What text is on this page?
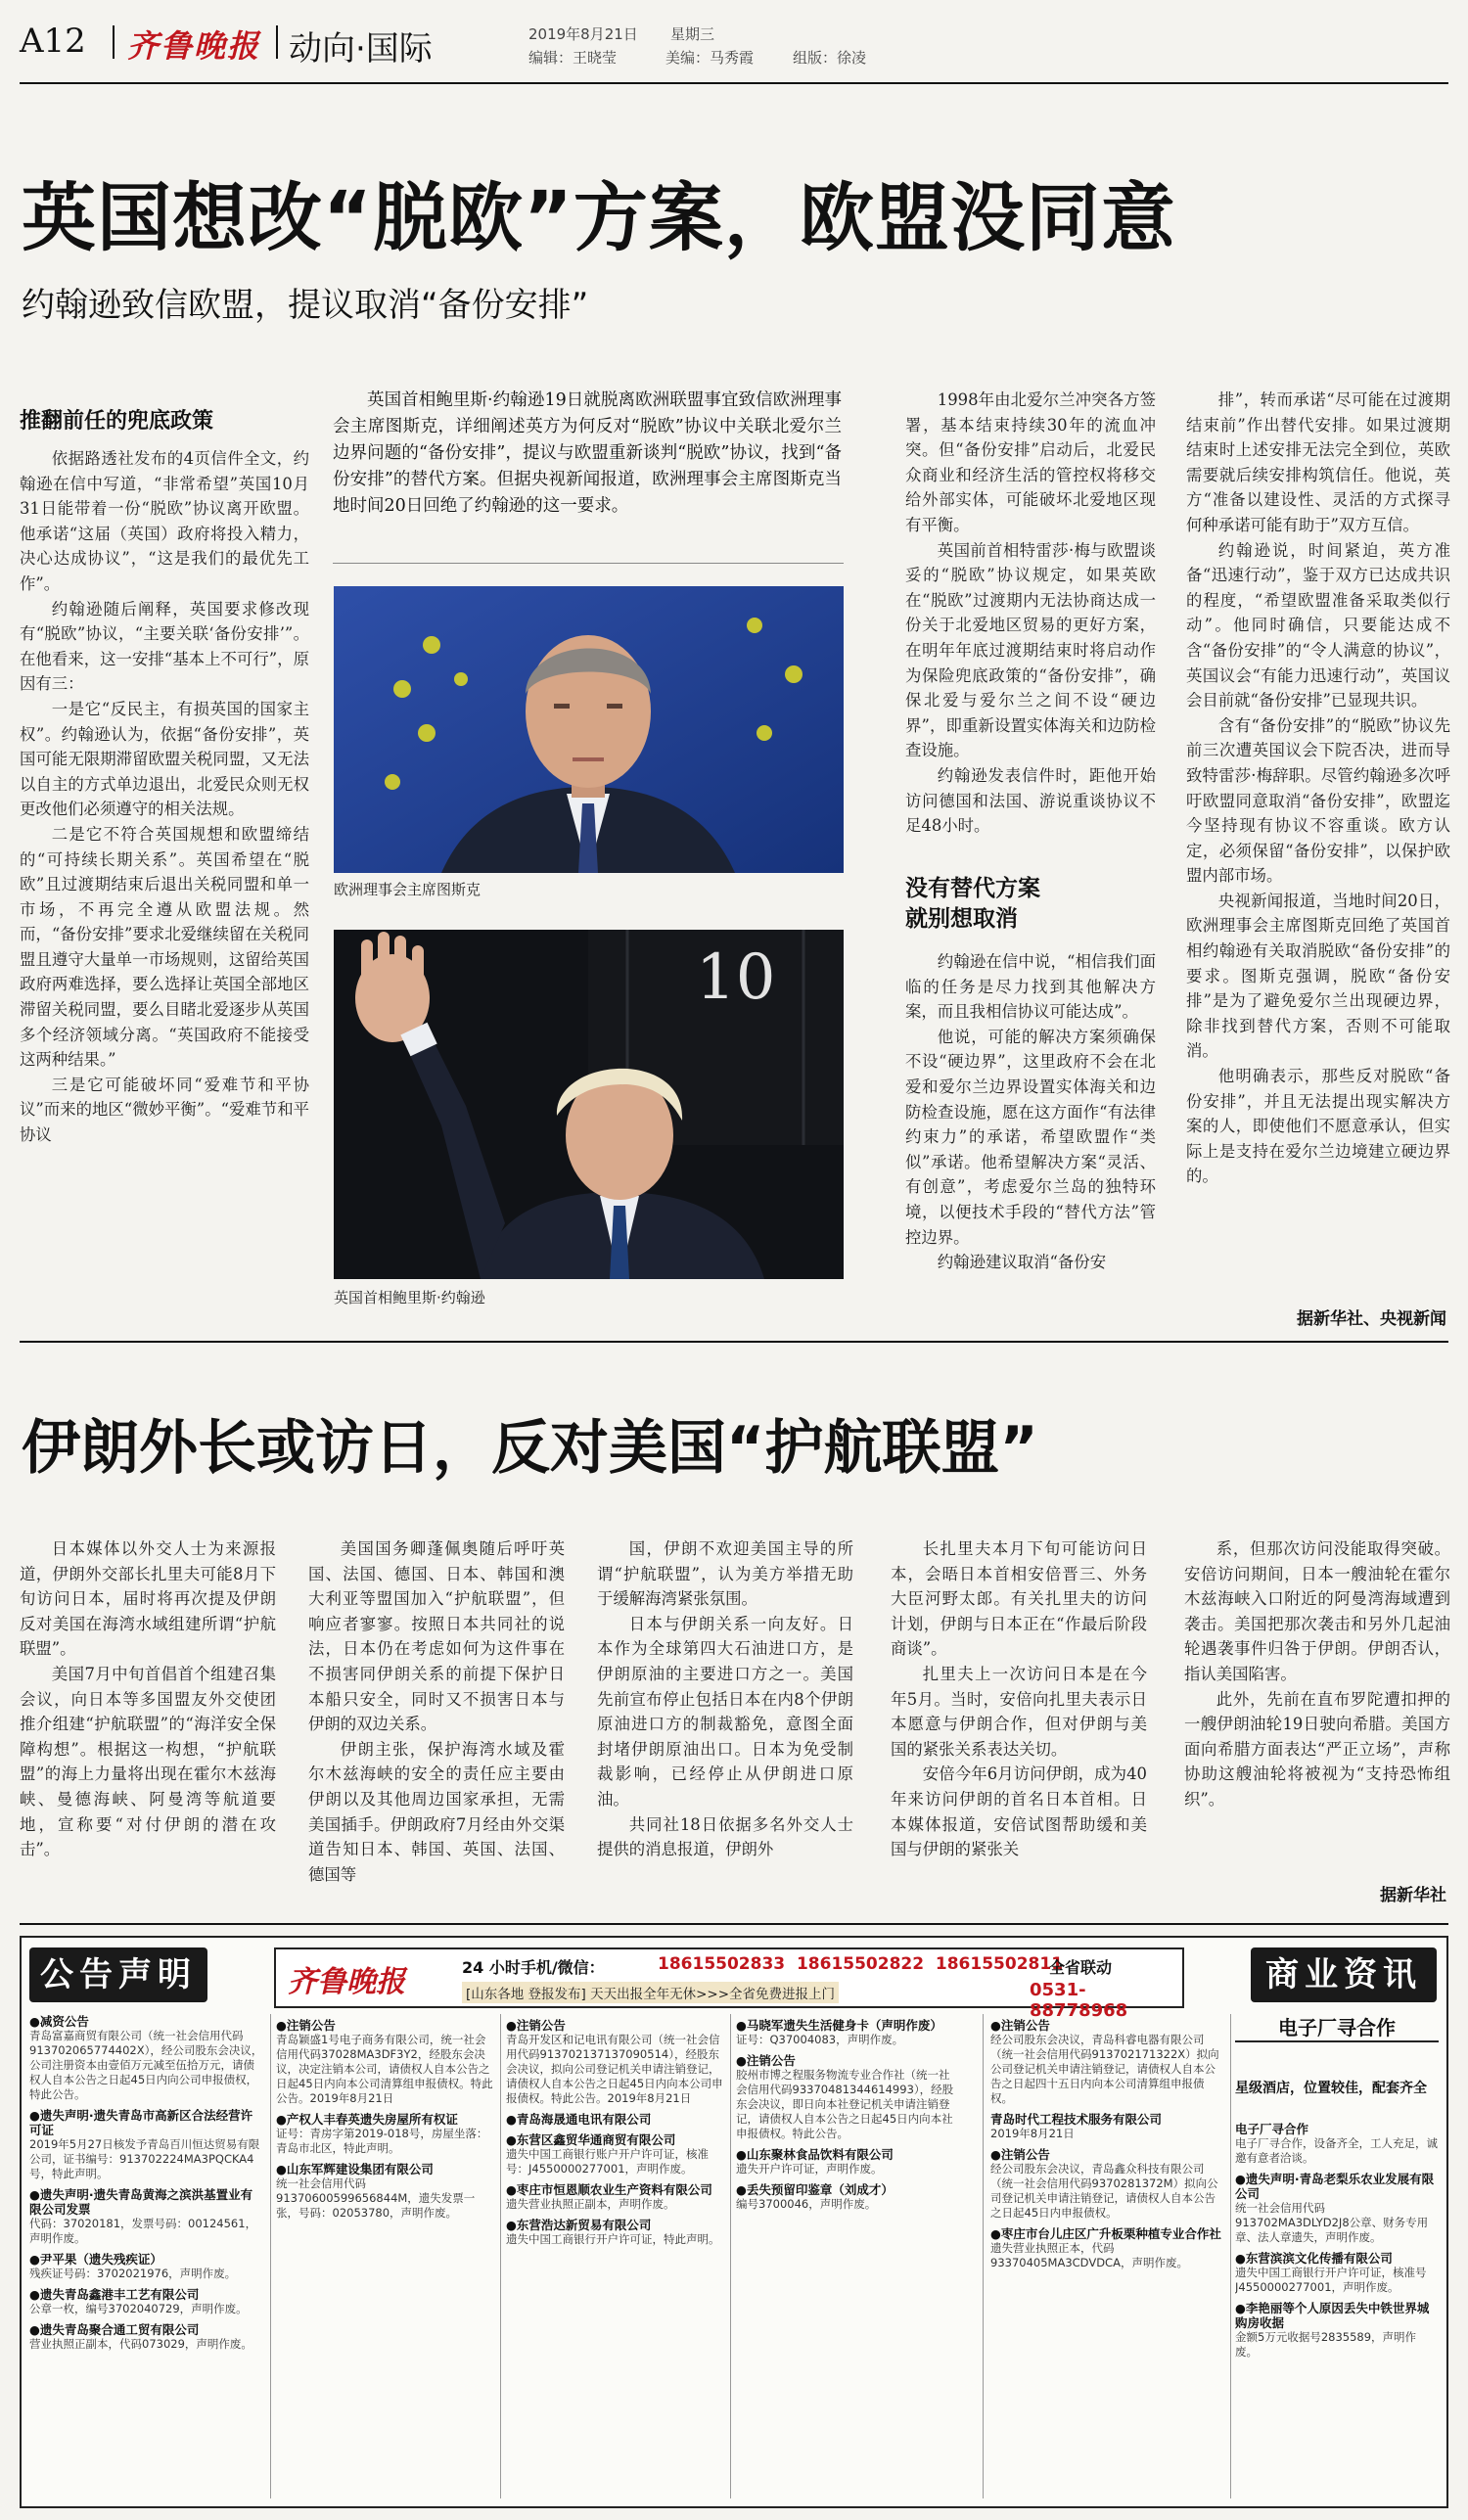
A12 齐鲁晚报 动向·国际	2019年8月21日 星期三
编辑：王晓莹	美编：马秀霞	组版：徐凌
英国想改“脱欧”方案，欧盟没同意
约翰逊致信欧盟，提议取消“备份安排”

推翻前任的兜底政策

依据路透社发布的4页信件全文，约翰逊在信中写道，“非常希望”英国10月31日能带着一份“脱欧”协议离开欧盟。他承诺“这届（英国）政府将投入精力，决心达成协议”，“这是我们的最优先工作”。

约翰逊随后阐释，英国要求修改现有“脱欧”协议，“主要关联‘备份安排’”。在他看来，这一安排“基本上不可行”，原因有三：

一是它“反民主，有损英国的国家主权”。约翰逊认为，依据“备份安排”，英国可能无限期滞留欧盟关税同盟，又无法以自主的方式单边退出，北爱民众则无权更改他们必须遵守的相关法规。

二是它不符合英国规想和欧盟缔结的“可持续长期关系”。英国希望在“脱欧”且过渡期结束后退出关税同盟和单一市场，不再完全遵从欧盟法规。然而，“备份安排”要求北爱继续留在关税同盟且遵守大量单一市场规则，这留给英国政府两难选择，要么选择让英国全部地区滞留关税同盟，要么目睹北爱逐步从英国多个经济领域分离。“英国政府不能接受这两种结果。”

三是它可能破坏同“爱难节和平协议”而来的地区“微妙平衡”。“爱难节和平协议

英国首相鲍里斯·约翰逊19日就脱离欧洲联盟事宜致信欧洲理事会主席图斯克，详细阐述英方为何反对“脱欧”协议中关联北爱尔兰边界问题的“备份安排”，提议与欧盟重新谈判“脱欧”协议，找到“备份安排”的替代方案。但据央视新闻报道，欧洲理事会主席图斯克当地时间20日回绝了约翰逊的这一要求。

欧洲理事会主席图斯克
10
英国首相鲍里斯·约翰逊

1998年由北爱尔兰冲突各方签署，基本结束持续30年的流血冲突。但“备份安排”启动后，北爱民众商业和经济生活的管控权将移交给外部实体，可能破坏北爱地区现有平衡。

英国前首相特雷莎·梅与欧盟谈妥的“脱欧”协议规定，如果英欧在“脱欧”过渡期内无法协商达成一份关于北爱地区贸易的更好方案，在明年年底过渡期结束时将启动作为保险兜底政策的“备份安排”，确保北爱与爱尔兰之间不设“硬边界”，即重新设置实体海关和边防检查设施。

约翰逊发表信件时，距他开始访问德国和法国、游说重谈协议不足48小时。

没有替代方案
就别想取消

约翰逊在信中说，“相信我们面临的任务是尽力找到其他解决方案，而且我相信协议可能达成”。

他说，可能的解决方案须确保不设“硬边界”，这里政府不会在北爱和爱尔兰边界设置实体海关和边防检查设施，愿在这方面作“有法律约束力”的承诺，希望欧盟作“类似”承诺。他希望解决方案“灵活、有创意”，考虑爱尔兰岛的独特环境，以便技术手段的“替代方法”管控边界。

约翰逊建议取消“备份安

排”，转而承诺“尽可能在过渡期结束前”作出替代安排。如果过渡期结束时上述安排无法完全到位，英欧需要就后续安排构筑信任。他说，英方“准备以建设性、灵活的方式探寻何种承诺可能有助于”双方互信。

约翰逊说，时间紧迫，英方准备“迅速行动”，鉴于双方已达成共识的程度，“希望欧盟准备采取类似行动”。他同时确信，只要能达成不含“备份安排”的“令人满意的协议”，英国议会“有能力迅速行动”，英国议会目前就“备份安排”已显现共识。

含有“备份安排”的“脱欧”协议先前三次遭英国议会下院否决，进而导致特雷莎·梅辞职。尽管约翰逊多次呼吁欧盟同意取消“备份安排”，欧盟迄今坚持现有协议不容重谈。欧方认定，必须保留“备份安排”，以保护欧盟内部市场。

央视新闻报道，当地时间20日，欧洲理事会主席图斯克回绝了英国首相约翰逊有关取消脱欧“备份安排”的要求。图斯克强调，脱欧“备份安排”是为了避免爱尔兰出现硬边界，除非找到替代方案，否则不可能取消。

他明确表示，那些反对脱欧“备份安排”，并且无法提出现实解决方案的人，即使他们不愿意承认，但实际上是支持在爱尔兰边境建立硬边界的。

据新华社、央视新闻
伊朗外长或访日，反对美国“护航联盟”

日本媒体以外交人士为来源报道，伊朗外交部长扎里夫可能8月下旬访问日本，届时将再次提及伊朗反对美国在海湾水域组建所谓“护航联盟”。

美国7月中旬首倡首个组建召集会议，向日本等多国盟友外交使团推介组建“护航联盟”的“海洋安全保障构想”。根据这一构想，“护航联盟”的海上力量将出现在霍尔木兹海峡、曼德海峡、阿曼湾等航道要地，宣称要“对付伊朗的潜在攻击”。

美国国务卿蓬佩奥随后呼吁英国、法国、德国、日本、韩国和澳大利亚等盟国加入“护航联盟”，但响应者寥寥。按照日本共同社的说法，日本仍在考虑如何为这件事在不损害同伊朗关系的前提下保护日本船只安全，同时又不损害日本与伊朗的双边关系。

伊朗主张，保护海湾水域及霍尔木兹海峡的安全的责任应主要由伊朗以及其他周边国家承担，无需美国插手。伊朗政府7月经由外交渠道告知日本、韩国、英国、法国、德国等

国，伊朗不欢迎美国主导的所谓“护航联盟”，认为美方举措无助于缓解海湾紧张氛围。

日本与伊朗关系一向友好。日本作为全球第四大石油进口方，是伊朗原油的主要进口方之一。美国先前宣布停止包括日本在内8个伊朗原油进口方的制裁豁免，意图全面封堵伊朗原油出口。日本为免受制裁影响，已经停止从伊朗进口原油。

共同社18日依据多名外交人士提供的消息报道，伊朗外

长扎里夫本月下旬可能访问日本，会晤日本首相安倍晋三、外务大臣河野太郎。有关扎里夫的访问计划，伊朗与日本正在“作最后阶段商谈”。

扎里夫上一次访问日本是在今年5月。当时，安倍向扎里夫表示日本愿意与伊朗合作，但对伊朗与美国的紧张关系表达关切。

安倍今年6月访问伊朗，成为40年来访问伊朗的首名日本首相。日本媒体报道，安倍试图帮助缓和美国与伊朗的紧张关

系，但那次访问没能取得突破。安倍访问期间，日本一艘油轮在霍尔木兹海峡入口附近的阿曼湾海域遭到袭击。美国把那次袭击和另外几起油轮遇袭事件归咎于伊朗。伊朗否认，指认美国陷害。

此外，先前在直布罗陀遭扣押的一艘伊朗油轮19日驶向希腊。美国方面向希腊方面表达“严正立场”，声称协助这艘油轮将被视为“支持恐怖组织”。

据新华社
公告声明	商业资讯
齐鲁晚报	24 小时手机/微信：	18615502833  18615502822  18615502811
[山东各地 登报发布] 天天出报全年无休>>>全省免费进报上门
全省联动
0531-88778968
●减资公告
青岛富嘉商贸有限公司（统一社会信用代码913702065774402X），经公司股东会决议，公司注册资本由壹佰万元减至伍拾万元，请债权人自本公告之日起45日内向公司申报债权，特此公告。
●遗失声明·遗失青岛市高新区合法经营许可证
2019年5月27日核发予青岛百川恒达贸易有限公司，证书编号：913702224MA3PQCKA4号，特此声明。
●遗失声明·遗失青岛黄海之滨洪基置业有限公司发票
代码：37020181，发票号码：00124561，声明作废。
●尹平果（遗失残疾证）
残疾证号码：3702021976，声明作废。
●遗失青岛鑫港丰工艺有限公司
公章一枚，编号3702040729，声明作废。
●遗失青岛聚合通工贸有限公司
营业执照正副本，代码073029，声明作废。
●注销公告
青岛颖盛1号电子商务有限公司，统一社会信用代码37028MA3DF3Y2，经股东会决议，决定注销本公司，请债权人自本公告之日起45日内向本公司清算组申报债权。特此公告。2019年8月21日
●产权人丰春英遗失房屋所有权证
证号：青房字第2019-018号，房屋坐落：青岛市北区，特此声明。
●山东军辉建设集团有限公司
统一社会信用代码91370600599656844M，遗失发票一张，号码：02053780，声明作废。
●注销公告
青岛开发区和记电讯有限公司（统一社会信用代码913702137137090514），经股东会决议，拟向公司登记机关申请注销登记，请债权人自本公告之日起45日内向本公司申报债权。特此公告。2019年8月21日
●青岛海晟通电讯有限公司
●东营区鑫贸华通商贸有限公司
遗失中国工商银行账户开户许可证，核准号：J4550000277001，声明作废。
●枣庄市恒恩顺农业生产资料有限公司
遗失营业执照正副本，声明作废。
●东营浩达新贸易有限公司
遗失中国工商银行开户许可证，特此声明。
●马晓军遗失生活健身卡（声明作废）
证号：Q37004083，声明作废。
●注销公告
胶州市博之程服务物流专业合作社（统一社会信用代码93370481344614993），经股东会决议，即日向本社登记机关申请注销登记，请债权人自本公告之日起45日内向本社申报债权。特此公告。
●山东聚林食品饮料有限公司
遗失开户许可证，声明作废。
●丢失预留印鉴章（刘成才）
编号3700046，声明作废。
●注销公告
经公司股东会决议，青岛科睿电器有限公司（统一社会信用代码913702171322X）拟向公司登记机关申请注销登记，请债权人自本公告之日起四十五日内向本公司清算组申报债权。
青岛时代工程技术服务有限公司
2019年8月21日
●注销公告
经公司股东会决议，青岛鑫众科技有限公司（统一社会信用代码9370281372M）拟向公司登记机关申请注销登记，请债权人自本公告之日起45日内申报债权。
●枣庄市台儿庄区广升板栗种植专业合作社
遗失营业执照正本，代码93370405MA3CDVDCA，声明作废。
电子厂寻合作
星级酒店，位置较佳，配套齐全
电子厂寻合作
电子厂寻合作，设备齐全，工人充足，诚邀有意者洽谈。
●遗失声明·青岛老梨乐农业发展有限公司
统一社会信用代码913702MA3DLYD2J8公章、财务专用章、法人章遗失，声明作废。
●东营滨滨文化传播有限公司
遗失中国工商银行开户许可证，核准号J4550000277001，声明作废。
●李艳丽等个人原因丢失中铁世界城购房收据
金额5万元收据号2835589，声明作废。
